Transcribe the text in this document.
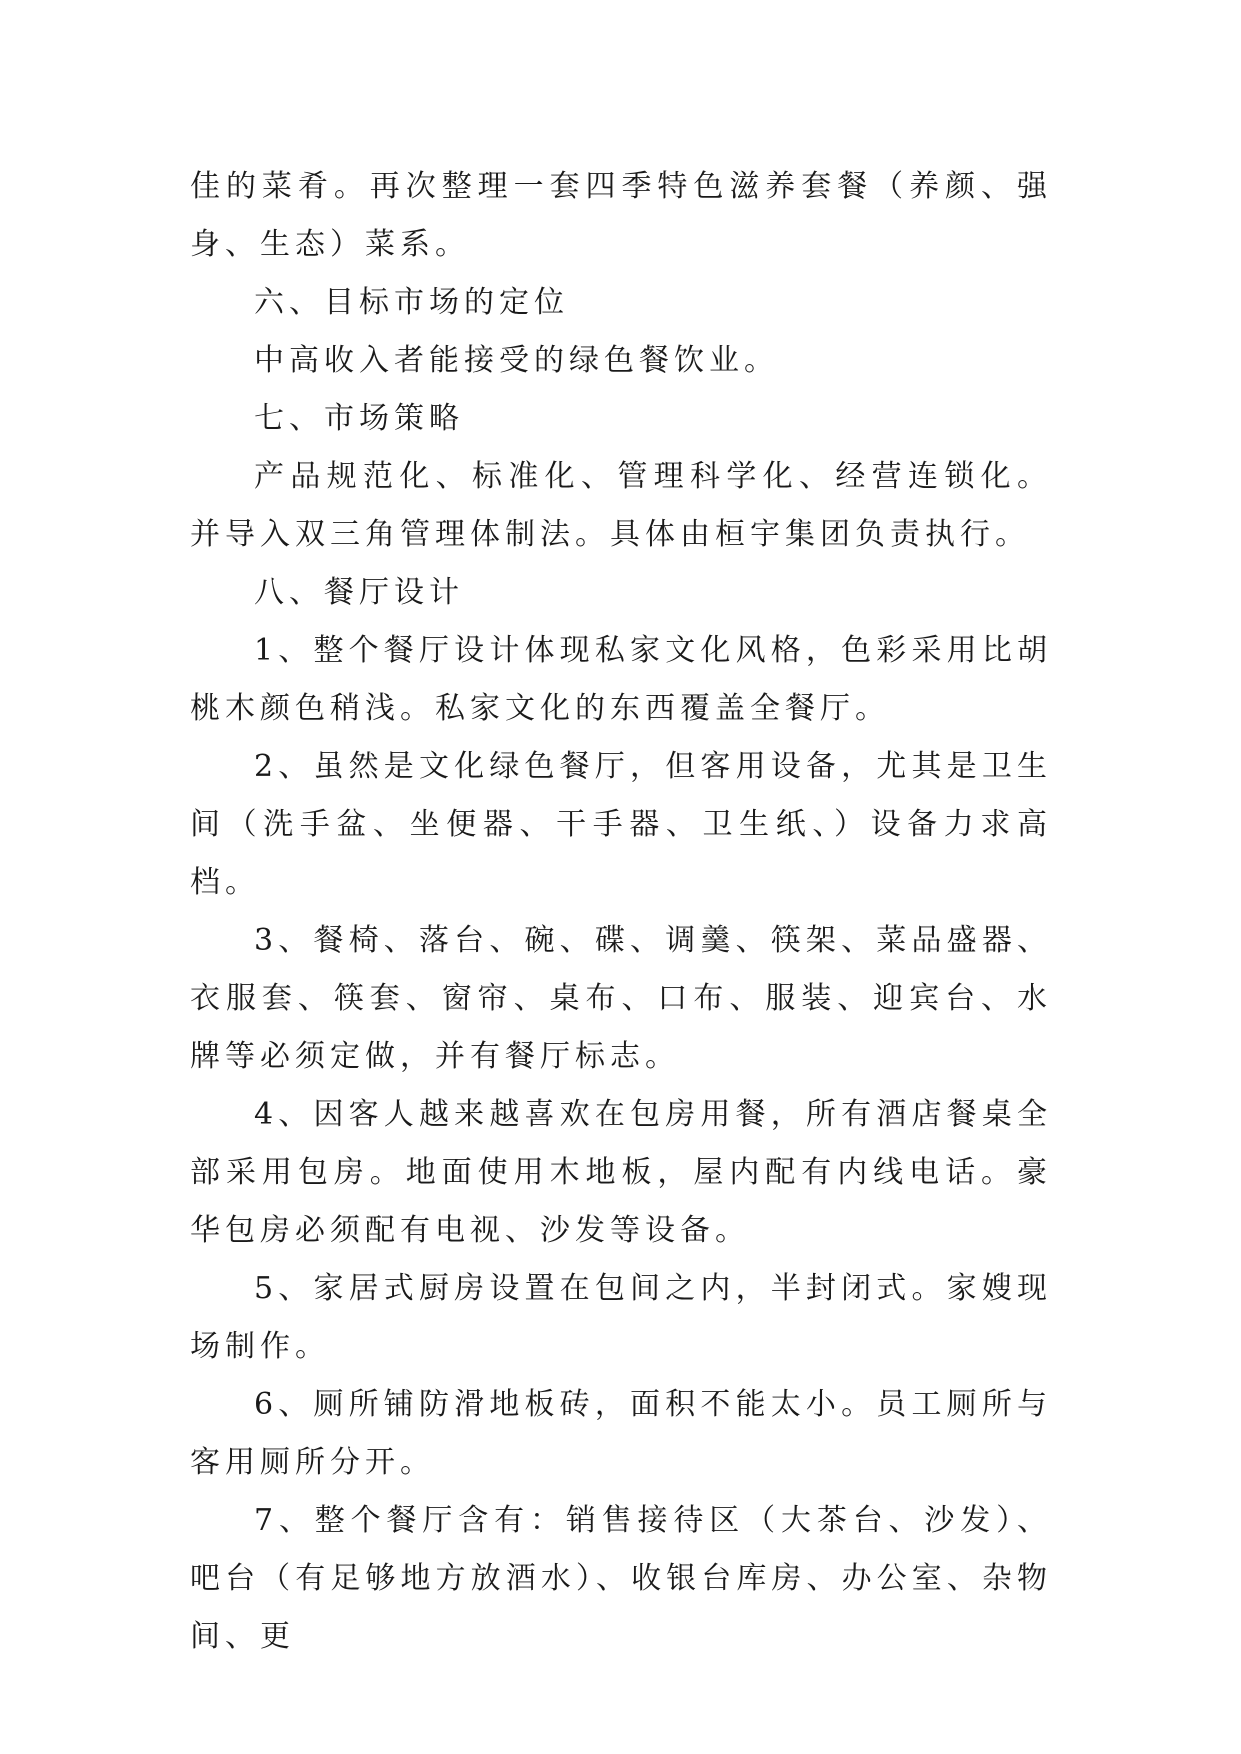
佳的菜肴。再次整理一套四季特色滋养套餐（养颜、强身、生态）菜系。

六、目标市场的定位

中高收入者能接受的绿色餐饮业。

七、市场策略

产品规范化、标准化、管理科学化、经营连锁化。并导入双三角管理体制法。具体由桓宇集团负责执行。

八、餐厅设计

1、整个餐厅设计体现私家文化风格，色彩采用比胡桃木颜色稍浅。私家文化的东西覆盖全餐厅。

2、虽然是文化绿色餐厅，但客用设备，尤其是卫生间（洗手盆、坐便器、干手器、卫生纸、）设备力求高档。

3、餐椅、落台、碗、碟、调羹、筷架、菜品盛器、衣服套、筷套、窗帘、桌布、口布、服装、迎宾台、水牌等必须定做，并有餐厅标志。

4、因客人越来越喜欢在包房用餐，所有酒店餐桌全部采用包房。地面使用木地板，屋内配有内线电话。豪华包房必须配有电视、沙发等设备。

5、家居式厨房设置在包间之内，半封闭式。家嫂现场制作。

6、厕所铺防滑地板砖，面积不能太小。员工厕所与客用厕所分开。

7、整个餐厅含有：销售接待区（大茶台、沙发）、吧台（有足够地方放酒水）、收银台库房、办公室、杂物间、更
